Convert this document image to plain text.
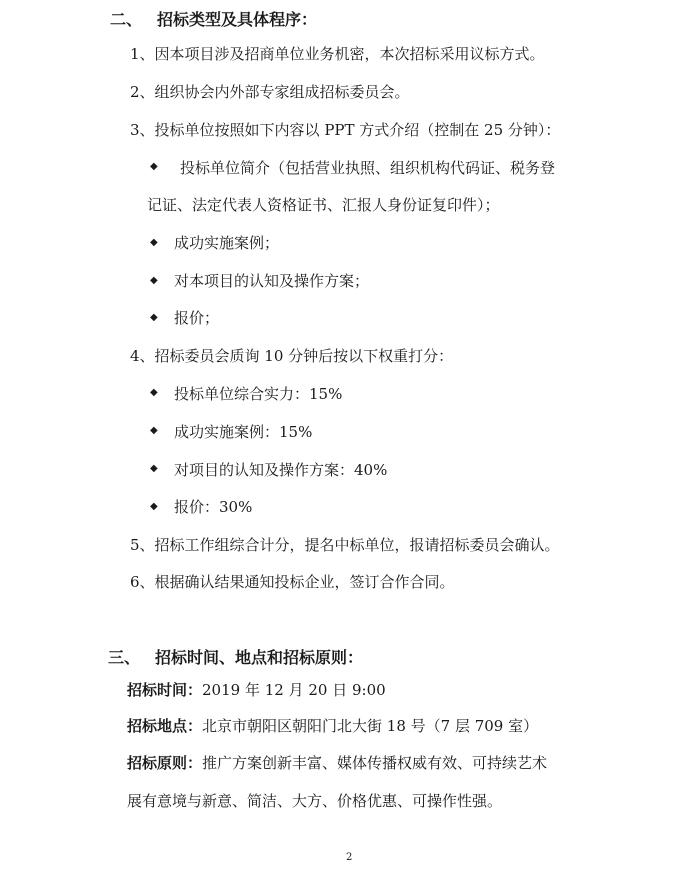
二、 招标类型及具体程序：
1、因本项目涉及招商单位业务机密，本次招标采用议标方式。
2、组织协会内外部专家组成招标委员会。
3、投标单位按照如下内容以 PPT 方式介绍（控制在 25 分钟）：
◆ 投标单位简介（包括营业执照、组织机构代码证、税务登
记证、法定代表人资格证书、汇报人身份证复印件）；
◆ 成功实施案例；
◆ 对本项目的认知及操作方案；
◆ 报价；
4、招标委员会质询 10 分钟后按以下权重打分：
◆ 投标单位综合实力：15%
◆ 成功实施案例：15%
◆ 对项目的认知及操作方案：40%
◆ 报价：30%
5、招标工作组综合计分，提名中标单位，报请招标委员会确认。
6、根据确认结果通知投标企业，签订合作合同。
三、 招标时间、地点和招标原则：
招标时间：2019 年 12 月 20 日 9:00
招标地点：北京市朝阳区朝阳门北大街 18 号（7 层 709 室）
招标原则：推广方案创新丰富、媒体传播权威有效、可持续艺术
展有意境与新意、简洁、大方、价格优惠、可操作性强。
2
